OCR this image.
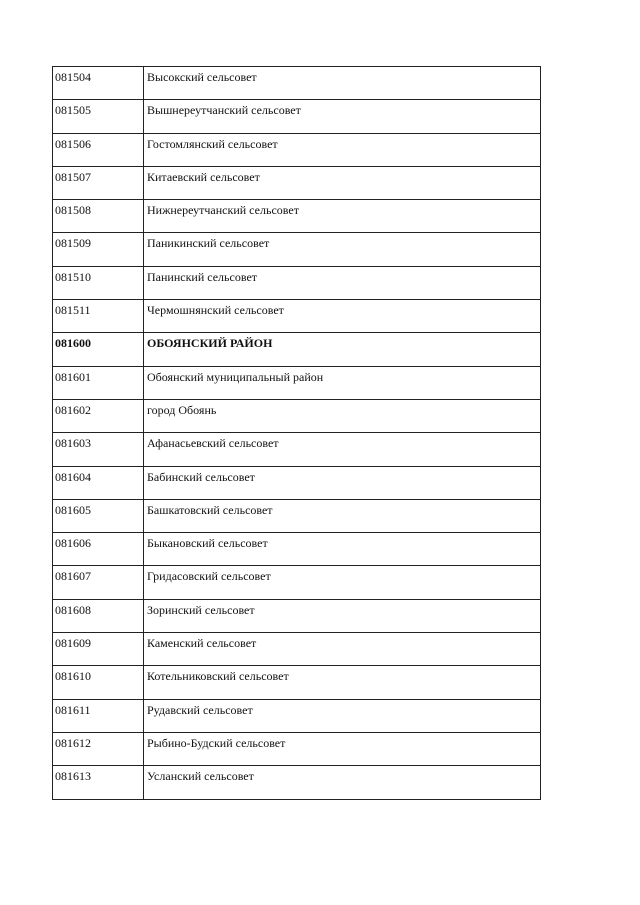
081504	Высокский сельсовет
081505	Вышнереутчанский сельсовет
081506	Гостомлянский сельсовет
081507	Китаевский сельсовет
081508	Нижнереутчанский сельсовет
081509	Паникинский сельсовет
081510	Панинский сельсовет
081511	Чермошнянский сельсовет
081600	ОБОЯНСКИЙ РАЙОН
081601	Обоянский муниципальный район
081602	город Обоянь
081603	Афанасьевский сельсовет
081604	Бабинский сельсовет
081605	Башкатовский сельсовет
081606	Быкановский сельсовет
081607	Гридасовский сельсовет
081608	Зоринский сельсовет
081609	Каменский сельсовет
081610	Котельниковский сельсовет
081611	Рудавский сельсовет
081612	Рыбино-Будский сельсовет
081613	Усланский сельсовет
